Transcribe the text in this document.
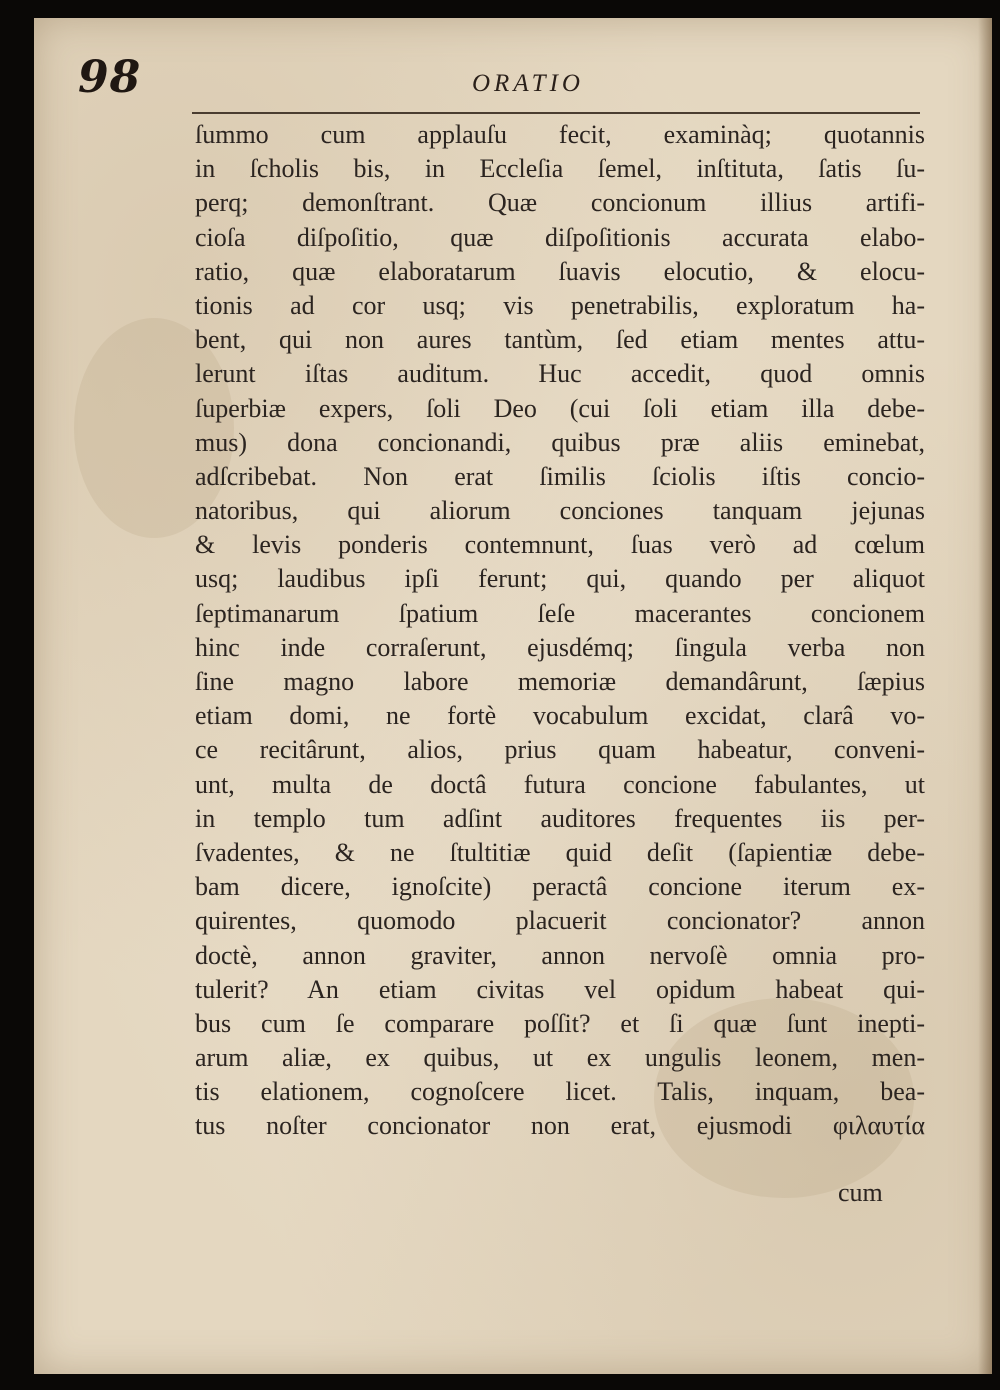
98	ORATIO
ſummo cum applauſu fecit, examinàq; quotannis
in ſcholis bis, in Eccleſia ſemel, inſtituta, ſatis ſu-
perq; demonſtrant. Quæ concionum illius artifi-
cioſa diſpoſitio, quæ diſpoſitionis accurata elabo-
ratio, quæ elaboratarum ſuavis elocutio, & elocu-
tionis ad cor usq; vis penetrabilis, exploratum ha-
bent, qui non aures tantùm, ſed etiam mentes attu-
lerunt iſtas auditum. Huc accedit, quod omnis
ſuperbiæ expers, ſoli Deo (cui ſoli etiam illa debe-
mus) dona concionandi, quibus præ aliis eminebat,
adſcribebat. Non erat ſimilis ſciolis iſtis concio-
natoribus, qui aliorum conciones tanquam jejunas
& levis ponderis contemnunt, ſuas verò ad cœlum
usq; laudibus ipſi ferunt; qui, quando per aliquot
ſeptimanarum ſpatium ſeſe macerantes concionem
hinc inde corraſerunt, ejusdémq; ſingula verba non
ſine magno labore memoriæ demandârunt, ſæpius
etiam domi, ne fortè vocabulum excidat, clarâ vo-
ce recitârunt, alios, prius quam habeatur, conveni-
unt, multa de doctâ futura concione fabulantes, ut
in templo tum adſint auditores frequentes iis per-
ſvadentes, & ne ſtultitiæ quid deſit (ſapientiæ debe-
bam dicere, ignoſcite) peractâ concione iterum ex-
quirentes, quomodo placuerit concionator? annon
doctè, annon graviter, annon nervoſè omnia pro-
tulerit? An etiam civitas vel opidum habeat qui-
bus cum ſe comparare poſſit? et ſi quæ ſunt inepti-
arum aliæ, ex quibus, ut ex ungulis leonem, men-
tis elationem, cognoſcere licet. Talis, inquam, bea-
tus noſter concionator non erat, ejusmodi φιλαυτία
cum
